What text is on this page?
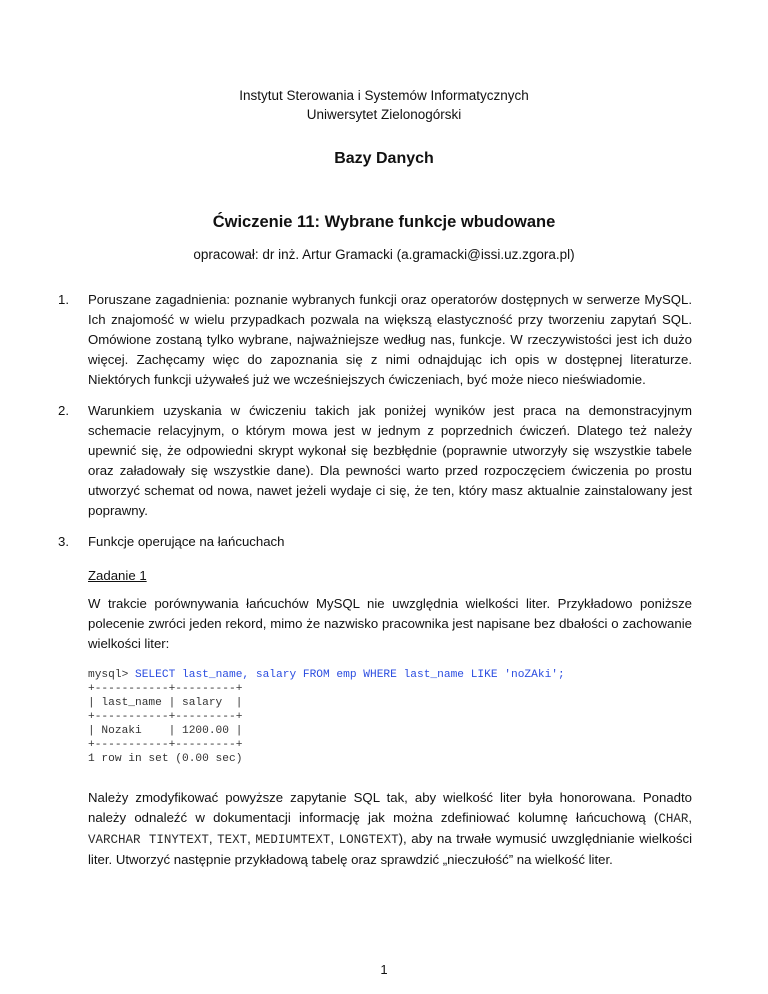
Instytut Sterowania i Systemów Informatycznych
Uniwersytet Zielonogórski
Bazy Danych
Ćwiczenie 11: Wybrane funkcje wbudowane
opracował: dr inż. Artur Gramacki (a.gramacki@issi.uz.zgora.pl)
1. Poruszane zagadnienia: poznanie wybranych funkcji oraz operatorów dostępnych w serwerze MySQL. Ich znajomość w wielu przypadkach pozwala na większą elastyczność przy tworzeniu zapytań SQL. Omówione zostaną tylko wybrane, najważniejsze według nas, funkcje. W rzeczywistości jest ich dużo więcej. Zachęcamy więc do zapoznania się z nimi odnajdując ich opis w dostępnej literaturze. Niektórych funkcji używałeś już we wcześniejszych ćwiczeniach, być może nieco nieświadomie.
2. Warunkiem uzyskania w ćwiczeniu takich jak poniżej wyników jest praca na demonstracyjnym schemacie relacyjnym, o którym mowa jest w jednym z poprzednich ćwiczeń. Dlatego też należy upewnić się, że odpowiedni skrypt wykonał się bezbłędnie (poprawnie utworzyły się wszystkie tabele oraz załadowały się wszystkie dane). Dla pewności warto przed rozpoczęciem ćwiczenia po prostu utworzyć schemat od nowa, nawet jeżeli wydaje ci się, że ten, który masz aktualnie zainstalowany jest poprawny.
3. Funkcje operujące na łańcuchach
Zadanie 1
W trakcie porównywania łańcuchów MySQL nie uwzględnia wielkości liter. Przykładowo poniższe polecenie zwróci jeden rekord, mimo że nazwisko pracownika jest napisane bez dbałości o zachowanie wielkości liter:
mysql> SELECT last_name, salary FROM emp WHERE last_name LIKE 'noZAki';
+-----------+---------+
| last_name | salary  |
+-----------+---------+
| Nozaki    | 1200.00 |
+-----------+---------+
1 row in set (0.00 sec)
Należy zmodyfikować powyższe zapytanie SQL tak, aby wielkość liter była honorowana. Ponadto należy odnaleźć w dokumentacji informację jak można zdefiniować kolumnę łańcuchową (CHAR, VARCHAR TINYTEXT, TEXT, MEDIUMTEXT, LONGTEXT), aby na trwałe wymusić uwzględnianie wielkości liter. Utworzyć następnie przykładową tabelę oraz sprawdzić „nieczułość” na wielkość liter.
1
